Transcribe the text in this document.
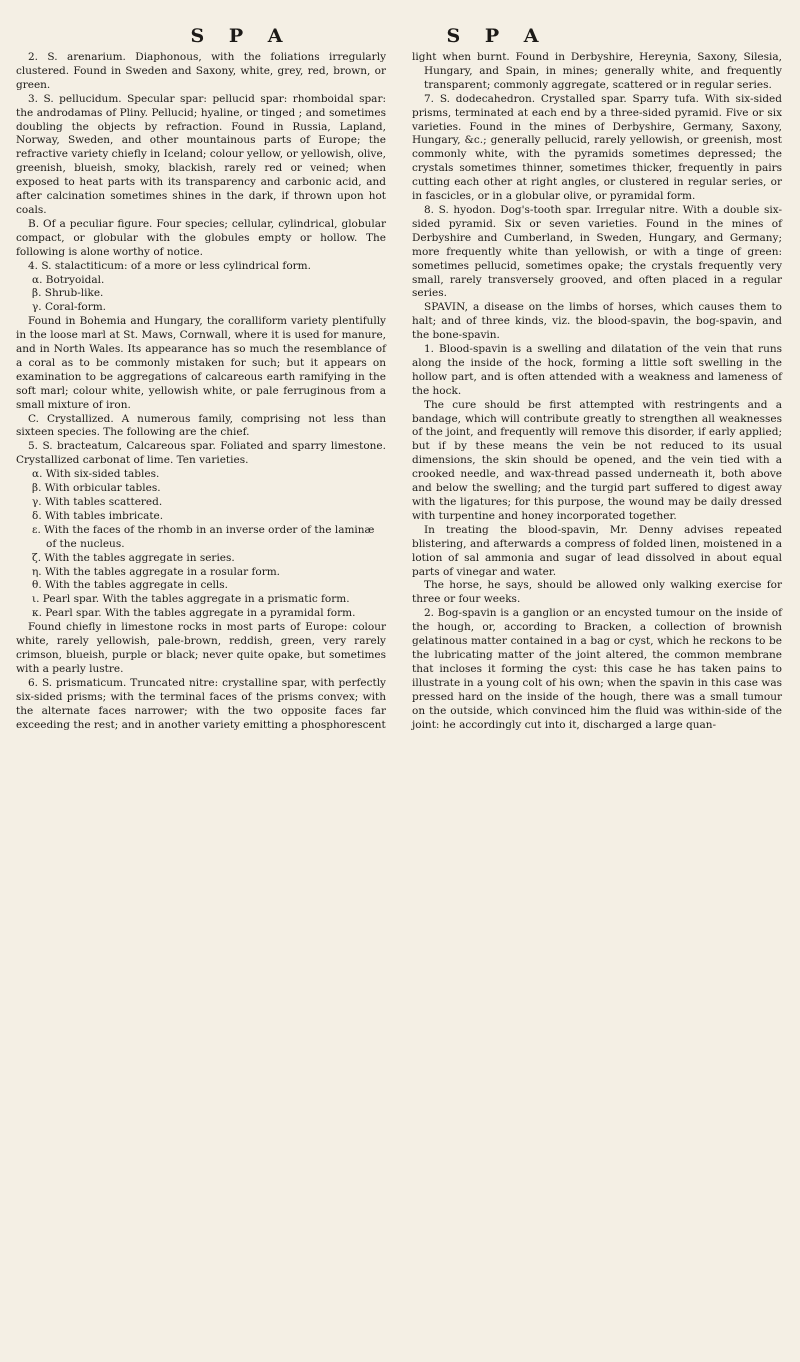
S P A

2. S. arenarium. Diaphonous, with the foliations irregularly clustered. Found in Sweden and Saxony, white, grey, red, brown, or green.

3. S. pellucidum. Specular spar: pellucid spar: rhomboidal spar: the androdamas of Pliny. Pellucid; hyaline, or tinged ; and sometimes doubling the objects by refraction. Found in Russia, Lapland, Norway, Sweden, and other mountainous parts of Europe; the refractive variety chiefly in Iceland; colour yellow, or yellowish, olive, greenish, blueish, smoky, blackish, rarely red or veined; when exposed to heat parts with its transparency and carbonic acid, and after calcination sometimes shines in the dark, if thrown upon hot coals.

B. Of a peculiar figure. Four species; cellular, cylindrical, globular compact, or globular with the globules empty or hollow. The following is alone worthy of notice.

4. S. stalactiticum: of a more or less cylindrical form.

α. Botryoidal.
β. Shrub-like.
γ. Coral-form.

Found in Bohemia and Hungary, the coralliform variety plentifully in the loose marl at St. Maws, Cornwall, where it is used for manure, and in North Wales. Its appearance has so much the resemblance of a coral as to be commonly mistaken for such; but it appears on examination to be aggregations of calcareous earth ramifying in the soft marl; colour white, yellowish white, or pale ferruginous from a small mixture of iron.

C. Crystallized. A numerous family, comprising not less than sixteen species. The following are the chief.

5. S. bracteatum, Calcareous spar. Foliated and sparry limestone. Crystallized carbonat of lime. Ten varieties.

α. With six-sided tables.
β. With orbicular tables.
γ. With tables scattered.
δ. With tables imbricate.
ε. With the faces of the rhomb in an inverse order of the laminæ of the nucleus.
ζ. With the tables aggregate in series.
η. With the tables aggregate in a rosular form.
θ. With the tables aggregate in cells.
ι. Pearl spar. With the tables aggregate in a prismatic form.
κ. Pearl spar. With the tables aggregate in a pyramidal form.

Found chiefly in limestone rocks in most parts of Europe: colour white, rarely yellowish, pale-brown, reddish, green, very rarely crimson, blueish, purple or black; never quite opake, but sometimes with a pearly lustre.

6. S. prismaticum. Truncated nitre: crystalline spar, with perfectly six-sided prisms; with the terminal faces of the prisms convex; with the alternate faces narrower; with the two opposite faces far exceeding the rest; and in another variety emitting a phosphorescent

S P A

light when burnt. Found in Derbyshire, Hereynia, Saxony, Silesia, Hungary, and Spain, in mines; generally white, and frequently transparent; commonly aggregate, scattered or in regular series.

7. S. dodecahedron. Crystalled spar. Sparry tufa. With six-sided prisms, terminated at each end by a three-sided pyramid. Five or six varieties. Found in the mines of Derbyshire, Germany, Saxony, Hungary, &c.; generally pellucid, rarely yellowish, or greenish, most commonly white, with the pyramids sometimes depressed; the crystals sometimes thinner, sometimes thicker, frequently in pairs cutting each other at right angles, or clustered in regular series, or in fascicles, or in a globular olive, or pyramidal form.

8. S. hyodon. Dog's-tooth spar. Irregular nitre. With a double six-sided pyramid. Six or seven varieties. Found in the mines of Derbyshire and Cumberland, in Sweden, Hungary, and Germany; more frequently white than yellowish, or with a tinge of green: sometimes pellucid, sometimes opake; the crystals frequently very small, rarely transversely grooved, and often placed in a regular series.

SPAVIN, a disease on the limbs of horses, which causes them to halt; and of three kinds, viz. the blood-spavin, the bog-spavin, and the bone-spavin.

1. Blood-spavin is a swelling and dilatation of the vein that runs along the inside of the hock, forming a little soft swelling in the hollow part, and is often attended with a weakness and lameness of the hock.

The cure should be first attempted with restringents and a bandage, which will contribute greatly to strengthen all weaknesses of the joint, and frequently will remove this disorder, if early applied; but if by these means the vein be not reduced to its usual dimensions, the skin should be opened, and the vein tied with a crooked needle, and wax-thread passed underneath it, both above and below the swelling; and the turgid part suffered to digest away with the ligatures; for this purpose, the wound may be daily dressed with turpentine and honey incorporated together.

In treating the blood-spavin, Mr. Denny advises repeated blistering, and afterwards a compress of folded linen, moistened in a lotion of sal ammonia and sugar of lead dissolved in about equal parts of vinegar and water.

The horse, he says, should be allowed only walking exercise for three or four weeks.

2. Bog-spavin is a ganglion or an encysted tumour on the inside of the hough, or, according to Bracken, a collection of brownish gelatinous matter contained in a bag or cyst, which he reckons to be the lubricating matter of the joint altered, the common membrane that incloses it forming the cyst: this case he has taken pains to illustrate in a young colt of his own; when the spavin in this case was pressed hard on the inside of the hough, there was a small tumour on the outside, which convinced him the fluid was within-side of the joint: he accordingly cut into it, discharged a large quan-
